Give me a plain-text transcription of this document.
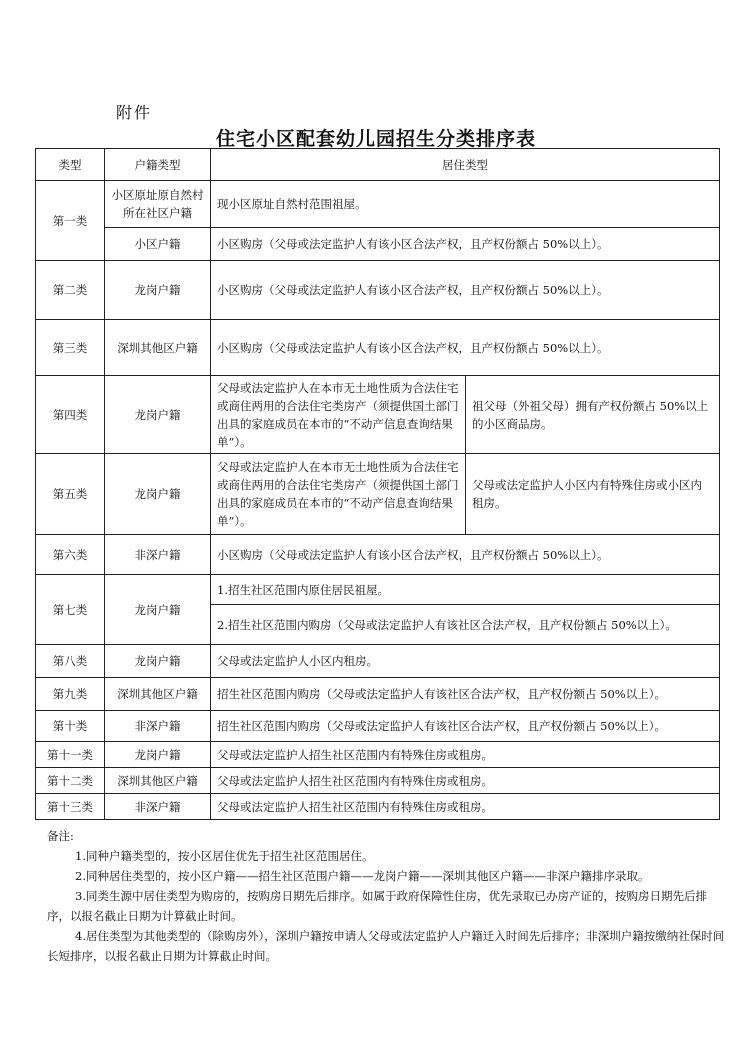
附件
住宅小区配套幼儿园招生分类排序表
类型	户籍类型	居住类型	
第一类	小区原址原自然村所在社区户籍	现小区原址自然村范围祖屋。	
	小区户籍	小区购房（父母或法定监护人有该小区合法产权，且产权份额占 50%以上）。	
第二类	龙岗户籍	小区购房（父母或法定监护人有该小区合法产权，且产权份额占 50%以上）。	
第三类	深圳其他区户籍	小区购房（父母或法定监护人有该小区合法产权，且产权份额占 50%以上）。	
第四类	龙岗户籍	父母或法定监护人在本市无土地性质为合法住宅或商住两用的合法住宅类房产（须提供国土部门出具的家庭成员在本市的“不动产信息查询结果单”）。	祖父母（外祖父母）拥有产权份额占 50%以上的小区商品房。
第五类	龙岗户籍	父母或法定监护人在本市无土地性质为合法住宅或商住两用的合法住宅类房产（须提供国土部门出具的家庭成员在本市的“不动产信息查询结果单”）。	父母或法定监护人小区内有特殊住房或小区内租房。
第六类	非深户籍	小区购房（父母或法定监护人有该小区合法产权，且产权份额占 50%以上）。	
第七类	龙岗户籍	1.招生社区范围内原住居民祖屋。	
		2.招生社区范围内购房（父母或法定监护人有该社区合法产权，且产权份额占 50%以上）。	
第八类	龙岗户籍	父母或法定监护人小区内租房。	
第九类	深圳其他区户籍	招生社区范围内购房（父母或法定监护人有该社区合法产权，且产权份额占 50%以上）。	
第十类	非深户籍	招生社区范围内购房（父母或法定监护人有该社区合法产权，且产权份额占 50%以上）。	
第十一类	龙岗户籍	父母或法定监护人招生社区范围内有特殊住房或租房。	
第十二类	深圳其他区户籍	父母或法定监护人招生社区范围内有特殊住房或租房。	
第十三类	非深户籍	父母或法定监护人招生社区范围内有特殊住房或租房。	

备注:

1.同种户籍类型的，按小区居住优先于招生社区范围居住。

2.同种居住类型的，按小区户籍——招生社区范围户籍——龙岗户籍——深圳其他区户籍——非深户籍排序录取。

3.同类生源中居住类型为购房的，按购房日期先后排序。如属于政府保障性住房，优先录取已办房产证的，按购房日期先后排序，以报名截止日期为计算截止时间。

4.居住类型为其他类型的（除购房外），深圳户籍按申请人父母或法定监护人户籍迁入时间先后排序；非深圳户籍按缴纳社保时间长短排序，以报名截止日期为计算截止时间。
